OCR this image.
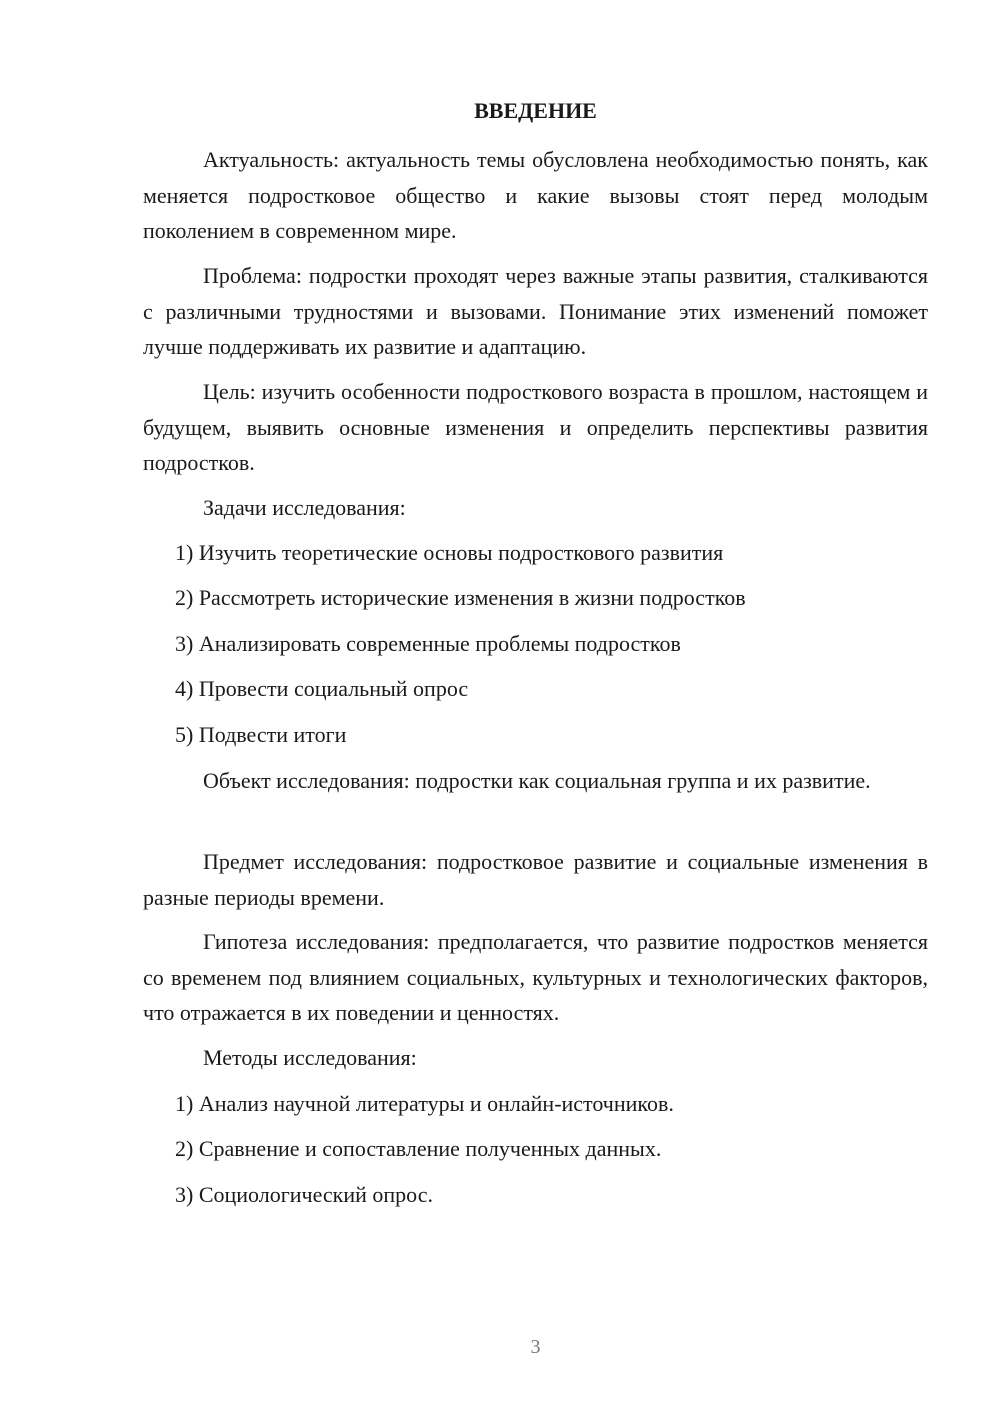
ВВЕДЕНИЕ

Актуальность: актуальность темы обусловлена необходимостью понять, как меняется подростковое общество и какие вызовы стоят перед молодым поколением в современном мире.

Проблема: подростки проходят через важные этапы развития, сталкиваются с различными трудностями и вызовами. Понимание этих изменений поможет лучше поддерживать их развитие и адаптацию.

Цель: изучить особенности подросткового возраста в прошлом, настоящем и будущем, выявить основные изменения и определить перспективы развития подростков.

Задачи исследования:

1) Изучить теоретические основы подросткового развития

2) Рассмотреть исторические изменения в жизни подростков

3) Анализировать современные проблемы подростков

4) Провести социальный опрос

5) Подвести итоги

Объект исследования: подростки как социальная группа и их развитие.

Предмет исследования: подростковое развитие и социальные изменения в разные периоды времени.

Гипотеза исследования: предполагается, что развитие подростков меняется со временем под влиянием социальных, культурных и технологических факторов, что отражается в их поведении и ценностях.

Методы исследования:

1) Анализ научной литературы и онлайн-источников.

2) Сравнение и сопоставление полученных данных.

3) Социологический опрос.

3
